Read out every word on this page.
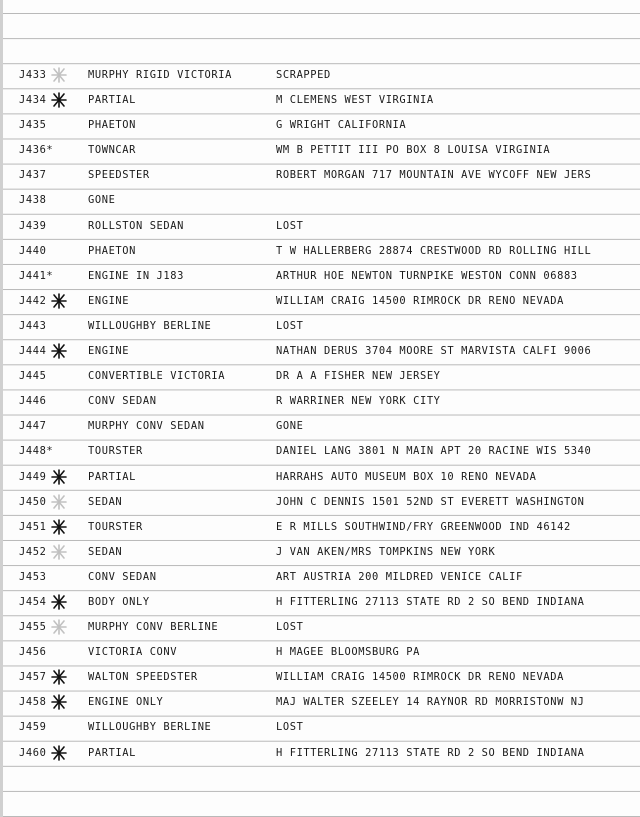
J433	MURPHY RIGID VICTORIA	SCRAPPED
J434	PARTIAL	M CLEMENS WEST VIRGINIA
J435	PHAETON	G WRIGHT CALIFORNIA
J436*	TOWNCAR	WM B PETTIT III PO BOX 8 LOUISA VIRGINIA
J437	SPEEDSTER	ROBERT MORGAN 717 MOUNTAIN AVE WYCOFF NEW JERS
J438	GONE
J439	ROLLSTON SEDAN	LOST
J440	PHAETON	T W HALLERBERG 28874 CRESTWOOD RD ROLLING HILL
J441*	ENGINE IN J183	ARTHUR HOE NEWTON TURNPIKE WESTON CONN 06883
J442	ENGINE	WILLIAM CRAIG 14500 RIMROCK DR RENO NEVADA
J443	WILLOUGHBY BERLINE	LOST
J444	ENGINE	NATHAN DERUS 3704 MOORE ST MARVISTA CALFI 9006
J445	CONVERTIBLE VICTORIA	DR A A FISHER NEW JERSEY
J446	CONV SEDAN	R WARRINER NEW YORK CITY
J447	MURPHY CONV SEDAN	GONE
J448*	TOURSTER	DANIEL LANG 3801 N MAIN APT 20 RACINE WIS 5340
J449	PARTIAL	HARRAHS AUTO MUSEUM BOX 10 RENO NEVADA
J450	SEDAN	JOHN C DENNIS 1501 52ND ST EVERETT WASHINGTON
J451	TOURSTER	E R MILLS SOUTHWIND/FRY GREENWOOD IND 46142
J452	SEDAN	J VAN AKEN/MRS TOMPKINS NEW YORK
J453	CONV SEDAN	ART AUSTRIA 200 MILDRED VENICE CALIF
J454	BODY ONLY	H FITTERLING 27113 STATE RD 2 SO BEND INDIANA
J455	MURPHY CONV BERLINE	LOST
J456	VICTORIA CONV	H MAGEE BLOOMSBURG PA
J457	WALTON SPEEDSTER	WILLIAM CRAIG 14500 RIMROCK DR RENO NEVADA
J458	ENGINE ONLY	MAJ WALTER SZEELEY 14 RAYNOR RD MORRISTONW NJ
J459	WILLOUGHBY BERLINE	LOST
J460	PARTIAL	H FITTERLING 27113 STATE RD 2 SO BEND INDIANA
